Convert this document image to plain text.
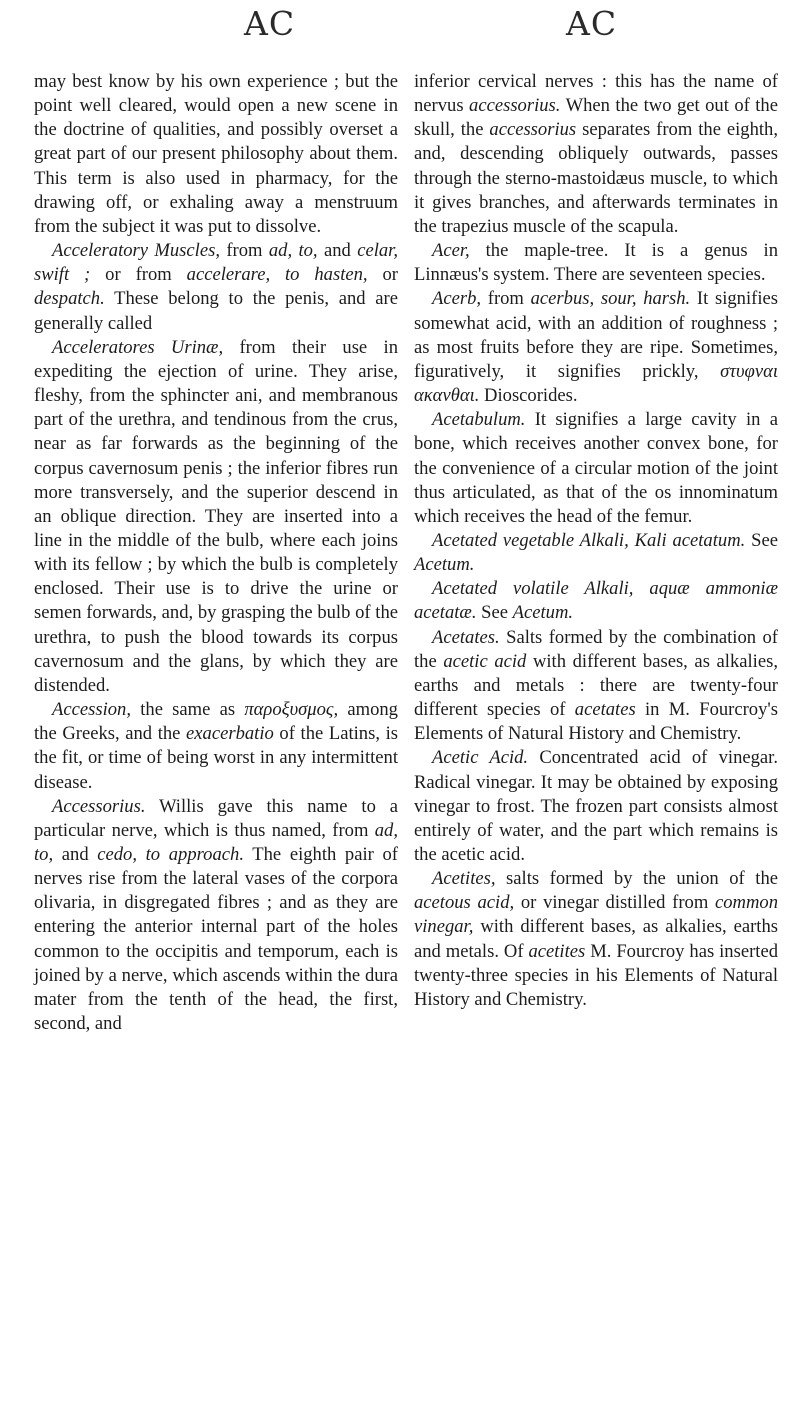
AC	AC

may best know by his own experience ; but the point well cleared, would open a new scene in the doctrine of qualities, and possibly overset a great part of our present philosophy about them. This term is also used in pharmacy, for the drawing off, or exhaling away a menstruum from the subject it was put to dissolve.

Acceleratory Muscles, from ad, to, and celar, swift ; or from accelerare, to hasten, or despatch. These belong to the penis, and are generally called

Acceleratores Urinæ, from their use in expediting the ejection of urine. They arise, fleshy, from the sphincter ani, and membranous part of the urethra, and tendinous from the crus, near as far forwards as the beginning of the corpus cavernosum penis ; the inferior fibres run more transversely, and the superior descend in an oblique direction. They are inserted into a line in the middle of the bulb, where each joins with its fellow ; by which the bulb is completely enclosed. Their use is to drive the urine or semen forwards, and, by grasping the bulb of the urethra, to push the blood towards its corpus cavernosum and the glans, by which they are distended.

Accession, the same as παροξυσμος, among the Greeks, and the exacerbatio of the Latins, is the fit, or time of being worst in any intermittent disease.

Accessorius. Willis gave this name to a particular nerve, which is thus named, from ad, to, and cedo, to approach. The eighth pair of nerves rise from the lateral vases of the corpora olivaria, in disgregated fibres ; and as they are entering the anterior internal part of the holes common to the occipitis and temporum, each is joined by a nerve, which ascends within the dura mater from the tenth of the head, the first, second, and

inferior cervical nerves : this has the name of nervus accessorius. When the two get out of the skull, the accessorius separates from the eighth, and, descending obliquely outwards, passes through the sterno-mastoidæus muscle, to which it gives branches, and afterwards terminates in the trapezius muscle of the scapula.

Acer, the maple-tree. It is a genus in Linnæus's system. There are seventeen species.

Acerb, from acerbus, sour, harsh. It signifies somewhat acid, with an addition of roughness ; as most fruits before they are ripe. Sometimes, figuratively, it signifies prickly, στυφναι ακανθαι. Dioscorides.

Acetabulum. It signifies a large cavity in a bone, which receives another convex bone, for the convenience of a circular motion of the joint thus articulated, as that of the os innominatum which receives the head of the femur.

Acetated vegetable Alkali, Kali acetatum. See Acetum.

Acetated volatile Alkali, aquæ ammoniæ acetatæ. See Acetum.

Acetates. Salts formed by the combination of the acetic acid with different bases, as alkalies, earths and metals : there are twenty-four different species of acetates in M. Fourcroy's Elements of Natural History and Chemistry.

Acetic Acid. Concentrated acid of vinegar. Radical vinegar. It may be obtained by exposing vinegar to frost. The frozen part consists almost entirely of water, and the part which remains is the acetic acid.

Acetites, salts formed by the union of the acetous acid, or vinegar distilled from common vinegar, with different bases, as alkalies, earths and metals. Of acetites M. Fourcroy has inserted twenty-three species in his Elements of Natural History and Chemistry.
